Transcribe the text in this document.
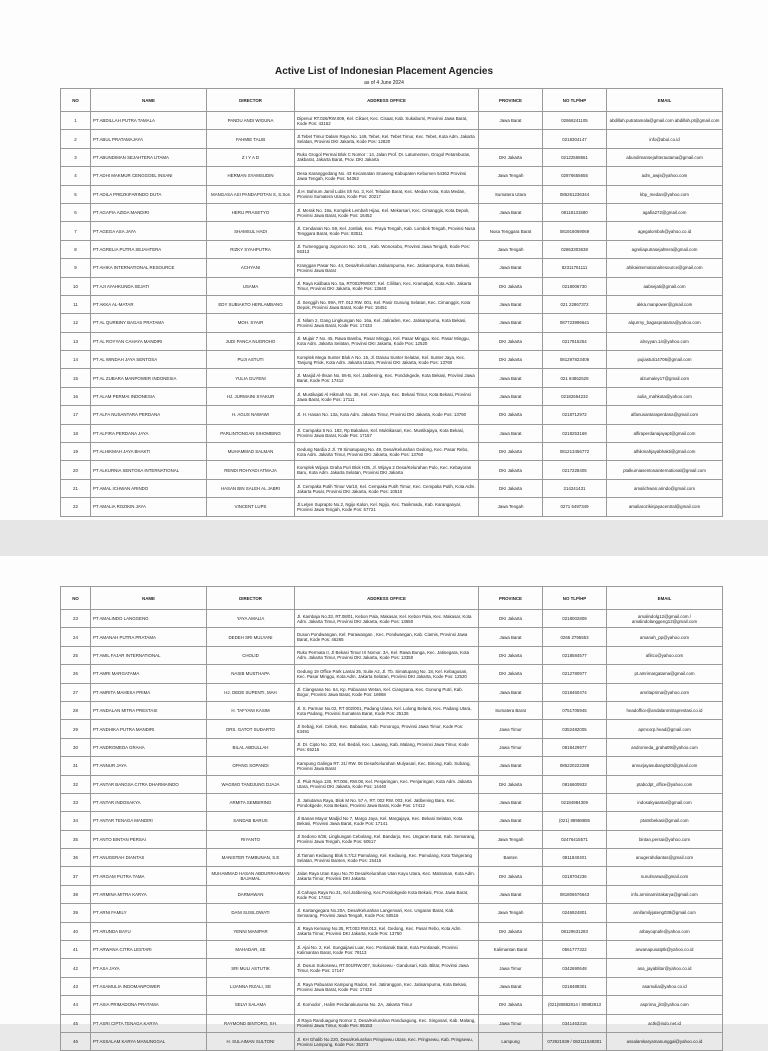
Active List of Indonesian Placement Agencies
as of 4 June 2024
NO	NAME	DIRECTOR	ADDRESS OFFICE	PROVINCE	NO TLP/HP	EMAIL
1	PT ABDILLAH PUTRA TAMALA	PANDU ANDI WIGUNA	Dipenur RT.026/RW.009, Kel. Cikaet, Kec. Cisaat, Kab. Sukabumi, Provinsi Jawa Barat, Kode Pos: 43152	Jawa Barat	02666241105	abdillah.putratamala@gmail.com abdillah.pt@gmail.com
2	PT ABUL PRATAMAJAYA	FAHMIE TALIB	Jl.Tebet Timur Dalam Raya No. 149, Tebet, Kel. Tebet Timur, Kec. Tebet, Kota Adm. Jakarta Selatan, Provinsi DKI Jakarta, Kode Pos: 12820		0218304147	info@abul.co.id
3	PT ABUNDIMAN SEJAHTERA UTAMA	Z I Y A D	Ruko Grogol Permai Blok C Nomor : 14, Jalan Prof. Dr. Latumenten, Grogol Petamburan, Jakbarat, Jakarta Barat, Prov. DKI Jakarta	DKI Jakarta	02122558661	abundimansejahterautama@gmail.com
4	PT ADHI MAKMUR CENGGOEL INSANI	HERMAN SYAMSUDIN	Desa Karanggedang No. 43 Kecamatan Sruweng Kabupaten Kebumen 54362 Provinsi Jawa Tengah, Kode Pos: 54362	Jawa Tengah	02876655655	adm_awjs@yahoo.com
5	PT ADILA PREZKIFARINDO DUTA	MANGASA ASI PANDAPOTAN S, S.Sos	Jl.H. Bahrum Jamil Lubis Sh No. 3, Kel. Teladan Barat, Kec. Medan Kota, Kota Medan, Provinsi Sumatera Utara, Kode Pos: 20217	Sumatera Utara	085261236344	kbp_medan@yahoo.com
6	PT AGAPIA AZIDA MANDIRI	HERU PRASETYO	Jl. Merak No. 19a, Komplek Lembah Hijau, Kel. Mekarsari, Kec. Cimanggis, Kota Depok, Provinsi Jawa Barat, Kode Pos: 16452	Jawa Barat	08118131580	agafia272@gmail.com
7	PT AGEGA ASA JAYA	SHAMSUL HADI	Jl. Cendanan No. 59, Kel. Jontlak, Kec. Praya Tengah, Kab. Lombok Tengah, Provinsi Nusa Tenggara Barat, Kode Pos: 83511	Nusa Tenggara Barat	081916069069	agegalombok@yahoo.co.id
8	PT AGRELIA PUTRA SEJAHTERA	RIZKY SYAHPUTRA	Jl. Tumenggung Jogonoro No. 10 B, , Kab. Wonosobo, Provinsi Jawa Tengah, Kode Pos: 56313	Jawa Tengah	02863303638	agreliaputrasejahtera@gmail.com
9	PT AHIKA INTERNATIONAL RESOURCE	ACHYANI	Kranggan Pasar No. 44, Desa/Kelurahan Jatisampurna, Kec. Jatisampurna, Kota Bekasi, Provinsi Jawa Barat	Jawa Barat	82311751111	ahikainternationalresource@gmail.com
10	PT AJI AYAHKUNDA SEJATI	USAMA	Jl. Raya Kalibata No. 5a, RT002/RW007, Kel. Cililitan, Kec. Kramatjati, Kota Adm. Jakarta Timur, Provinsi DKI Jakarta, Kode Pos: 13640	DKI Jakarta	0218006730	aabsejati@gmail.com
11	PT AKKA AL-MATAR	EDY SUBIAKTO HERLAMBANG	Jl. Senggih No. 99A, RT. 012 RW. 001, Kel. Pasir Gunung Selatan, Kec. Cimanggis, Kota Depok, Provinsi Jawa Barat, Kode Pos: 16451	Jawa Barat	021 22867372	akka.manpower@gmail.com
12	PT AL QURBINY BAGAS PRATAMA	MOH. SYAIR	Jl. Nilam 2, Gang Lingkungan No. 16a, Kel. Jatiraden, Kec. Jatisampurna, Kota Bekasi, Provinsi Jawa Barat, Kode Pos: 17433	Jawa Barat	087723996641	alqurrny_bagaspratama@yahoo.com
13	PT AL ROYYAN CAHAYA MANDIRI	JUDI PANCA NUGROHO	Jl. Mujair 7 No. 45, Rawa Bambu, Pasar Minggu, Kel. Pasar Minggu, Kec. Pasar Minggu, Kota Adm. Jakarta Selatan, Provinsi DKI Jakarta, Kode Pos: 12520	DKI Jakarta	0217815254	alroyyan.14@yahoo.com
14	PT AL WINDAH JAYA SENTOSA	PUJI ASTUTI	Komplek Mega Sunter Blok A No. 16, Jl. Danau Sunter Selatan, Kel. Sunter Jaya, Kec. Tanjung Priok, Kota Adm. Jakarta Utara, Provinsi DKI Jakarta, Kode Pos: 13760	DKI Jakarta	081297823406	pujiastuti14706@gmail.com
15	PT AL ZUBARA MANPOWER INDONESIA	YULIA GUYENI	Jl. Masjid Al-Ihsan No. 56-B, Kel. Jatibening, Kec. Pondokgede, Kota Bekasi, Provinsi Jawa Barat, Kode Pos: 17412	Jawa Barat	021 84862528	alzumaley17@gmail.com
16	PT ALAM PERMAI INDONESIA	HJ. JURMAINI SYAKUR	Jl. Mustikajati Al Hikmah No. 36, Kel. Aren Jaya, Kec. Bekasi Timur, Kota Bekasi, Provinsi Jawa Barat, Kode Pos: 17111	Jawa Barat	02182654232	aulia_mahkota@yahoo.com
17	PT ALFA NUSANTARA PERDANA	H. AGUS NAWAWI	Jl. H. Hasan No. 13a, Kota Adm. Jakarta Timur, Provinsi DKI Jakarta, Kode Pos: 13760	DKI Jakarta	0218712972	alfanusantaraperdana@gmail.com
18	PT ALFIRA PERDANA JAYA	PARLINTONGAN SIHOMBING	Jl. Campaka 5 No. 182, Rp Bakakan, Kel. Muktikasari, Kec. Mustikajaya, Kota Bekasi, Provinsi Jawa Barat, Kode Pos: 17157	Jawa Barat	0218253169	alfiraperdanajayapt@gmail.com
19	PT ALHIKMAH JAYA BHAKTI	MUHAMMAD SALMAN	Gedung Nardia 2 Jl. 79 Simatupang No. 49, Desa/Kelurahan Gedong, Kec. Pasar Rebo, Kota Adm. Jakarta Timur, Provinsi DKI Jakarta, Kode Pos: 13760	DKI Jakarta	081213456772	alhikmahjayabhakti@gmail.com
20	PT ALKURNIA SENTOSA INTERNATIONAL	RENDI ROHYADI ATMAJA	Komplek Wijaya Graha Puri Blok H35, Jl. Wijaya 2 Desa/Kelurahan Pulo, Kec. Kebayoran Baru, Kota Adm. Jakarta Selatan, Provinsi DKI Jakarta	DKI Jakarta	0217228405	ptalkurniasentosainternational@gmail.com
21	PT AMAL ICHWAN ARINDO	HASAN BIN SALEH AL JABRI	Jl. Cempaka Putih Timur Va/10, Kel. Cempaka Putih Timur, Kec. Cempaka Putih, Kota Adm. Jakarta Pusat, Provinsi DKI Jakarta, Kode Pos: 10510	DKI Jakarta	214241431	amalichwan.arindo@gmail.com
22	PT AMALIA ROZIKIN JAYA	VINCENT LUPS	Jl.Letjen Suprapto No.2, Ngijo Kalon, Kel. Ngijo, Kec. Tasikmadu, Kab. Karanganyar, Provinsi Jawa Tengah, Kode Pos: 57721	Jawa Tengah	0271 6497349	amaliarozikinjayacentral@gmail.com
NO	NAME	DIRECTOR	ADDRESS OFFICE	PROVINCE	NO TLP/HP	EMAIL
23	PT AMALINDO LANGGENG	YAYA AMALIA	Jl. Kambaja No.33, RT.08/01, Kebon Pala, Makasar, Kel. Kebon Pala, Kec. Makasar, Kota Adm. Jakarta Timur, Provinsi DKI Jakarta, Kode Pos: 13650	DKI Jakarta	0218002809	amalindolg12@gmail.com / amalindolanggeng12@gmail.com
24	PT AMANAH PUTRA PRATAMA	DEDEH SRI MULYANI	Dusun Pondwangan, Kel. Parawangan , Kec. Pondwangan, Kab. Ciamis, Provinsi Jawa Barat, Kode Pos: 46265	Jawa Barat	0265 2795553	amanah_pp@yahoo.com
25	PT AMIL FAJAR INTERNATIONAL	CHOLID	Ruko Permata II, Jl Bekasi Timur IX Nomor. 3A, Kel. Rawa Bunga, Kec. Jatinegara, Kota Adm. Jakarta Timur, Provinsi DKI Jakarta, Kode Pos: 13350	DKI Jakarta	0218584577	afiitco@yahoo.com
26	PT AMRI MARGATAMA	NASIB MUSTHAPA	Gedung 19 Office Park Lantai 25, Suite A2, Jl. Tb. Simatupang No. 18, Kel. Kebagusan, Kec. Pasar Minggu, Kota Adm. Jakarta Selatan, Provinsi DKI Jakarta, Kode Pos: 12520	DKI Jakarta	0212780977	pt.amrimargatama@gmail.com
27	PT AMRITA MAHESA PRIMA	HJ. DEDE SUPENTI, MAH	Jl. Ciangsana No. 64, Kp. Pabuaran Wetan, Kel. Ciangsana, Kec. Gunung Putri, Kab. Bogor, Provinsi Jawa Barat, Kode Pos: 16968	Jawa Barat	0218460474	amritaprima@yahoo.com
28	PT ANDALAN MITRA PRESTASI	H. TAFYANI KASIM	Jl. S. Parman No.02, RT 002/001, Padang Ulana, Kel. Lolong Belanti, Kec. Padang Utara, Kota Padang, Provinsi Sumatera Barat, Kode Pos: 25136	Sumatera Barat	0751705945	headoffice@andalanmitraprestasi.co.id
29	PT ANDHIKA PUTRA MANDIRI	DRS. GATOT SUDARTO	Jl Sebajj, Kel. Cekok, Kec. Babadan, Kab. Ponorogo, Provinsi Jawa Timur, Kode Pos: 63491	Jawa Timur	0352482005	apmcorp.head@gmail.com
30	PT ANDROMEDA GRAHA	BILAL ABDULLAH	Jl. Dr. Cipto No. 202, Kel. Bedali, Kec. Lawang, Kab. Malang, Provinsi Jawa Timur, Kode Pos: 65215	Jawa Timur	0818429977	andromeda_graha09@yahoo.com
31	PT ANNUR JAYA	OPANG SOPANDI	Kampung Galinga RT. 21/ RW. 06 Desa/Kelurahan Mulyasari, Kec. Binong, Kab. Subang, Provinsi Jawa Barat	Jawa Barat	085220222288	annurjayasubang520@gmail.com
32	PT ANTAR BANGSA CITRA DHARMAINDO	WAGIMO TANDJUNG DJAJA	Jl. Pluit Raya 130, RT.006, RW.08, Kel. Penjaringan, Kec. Penjaringan, Kota Adm. Jakarta Utara, Provinsi DKI Jakarta, Kode Pos: 14440	DKI Jakarta	0816600933	ptabcdpt_office@yahoo.com
33	PT ANTAR INDOSAKYA	ARMITA SEMBIRING	Jl. Jatiutama Raya, Blok M No. 57 A, RT. 002 RW. 003, Kel. Jatibening Baru, Kec. Pondokgede, Kota Bekasi, Provinsi Jawa Barat, Kode Pos: 17412	Jawa Barat	02184984309	indosakyaantar@gmail.com
34	PT ANTAR TENAGA MANDIRI	SANDAB BARUS	Jl Banan Mayor Madjid No 7, Margo Jaya, Kel. Margajaya, Kec. Bekasi Selatan, Kota Bekasi, Provinsi Jawa Barat, Kode Pos: 17141	Jawa Barat	(021) 88958855	ptatmbekasi@gmail.com
35	PT ANTO BINTAN PERSAI	RIYANTO	Jl Sedono II/36, Lingkungan Cebolang, Kel. Bandarjo, Kec. Ungaran Barat, Kab. Semarang, Provinsi Jawa Tengah, Kode Pos: 50517	Jawa Tengah	02476415571	bintan.persai@yahoo.com
36	PT ANUGERAH DIANTAS	MANISTER TAMBUNAN, S.E	Jl.Taman Kedaung Blok 5.7/12 Pamulang, Kel. Kedaung, Kec. Pamulang, Kota Tangerang Selatan, Provinsi Banten, Kode Pos: 15415	Banten	0811840401	anugerahdiantas@gmail.com
37	PT ARGAM PUTRA TAMA	MUHAMMAD HASAN ABDURRAHMAN BAJAMAL	Jalan Raya Utan Kayu No.70 Desa/Kelurahan Utan Kayu Utara, Kec. Matraman, Kota Adm. Jakarta Timur, Provinsi DKI Jakarta	DKI Jakarta	0218704236	nurulmarwa@gmail.com
38	PT ARMINA MITRA KARYA	DARMAWAN	Jl.Cahaya Raya No.31, Kel.Jatibening, Kec.Pondokgede Kota Bekasi, Prov. Jawa Barat, Kode Pos: 17412	Jawa Barat	081806576643	info.arminamitrakarya@gmail.com
39	PT ARNI FAMILY	DANI SUSILOWATI	Jl. Kartangegara No.20A, Desa/Kelurahan Langensari, Kec. Ungaran Barat, Kab. Semarang, Provinsi Jawa Tengah, Kode Pos: 50516	Jawa Tengah	0246924801	arnifamilyjateng038@gmail.com
40	PT ARUNDA BAYU	YENNI MANIPAR	Jl. Raya Kemang No.35, RT.003 RW.012, Kel. Gedong, Kec. Pasar Rebo, Kota Adm. Jakarta Timur, Provinsi DKI Jakarta, Kode Pos: 13760	DKI Jakarta	08129631283	arbayoqnafe@yahoo.com
41	PT ARWANA CITRA LESTARI	MAHADAR, SE	Jl. Ajai No. 2, Kel. Sungaijawi Luar, Kec. Pontianak Barat, Kota Pontianak, Provinsi Kalimantan Barat, Kode Pos: 78113	Kalimantan Barat	0561777322	arwanapusatptk@yahoo.co.id
42	PT ASA JAYA	SRI MULI ASTUTIK	Jl. Dusun Sukosewu, RT.001/RW.007, Sukosewu - Gandusari, Kab. Blitar, Provinsi Jawa Timur, Kode Pos: 17147	Jawa Timur	0342690648	asa_jayablitar@yahoo.co.id
43	PT ASAMULIA INDOMANPOWER	LIJANNA RIZALI, SE	Jl. Raya Pabuaran Kampung Radon, Kel. Jatiranggon, Kec. Jatisampurna, Kota Bekasi, Provinsi Jawa Barat, Kode Pos: 17432	Jawa Barat	0218488301	asamulia@yahoo.co.id
44	PT ASIA PRIMADONA PRATAMA	SELVI SALAMA	Jl. Komodor , Halim Perdanakusuma No. 2A, Jakarta Timur	DKI Jakarta	(021)80882814 / 80882813	asprima_jkt@yahoo.com
45	PT ASRI CIPTA TENAGA KARYA	RAYMOND BINTORO, SH.	Jl Raya Randuagung Nomor 2, Desa/Kelurahan Randuagung, Kec. Singosari, Kab. Malang, Provinsi Jawa Timur, Kode Pos: 65153	Jawa Timur	0341463316	actk@indo.net.id
46	PT ASSALAM KARYA MANUNGGAL	H. SULAIMAN SULTONI	Jl. KH Ghalib No.220, Desa/Kelurahan Pringsewu Utara, Kec. Pringsewu, Kab. Pringsewu, Provinsi Lampung, Kode Pos: 35373	Lampung	072921939 / 082111548301	assalamkaryamanunggal@yahoo.co.id
